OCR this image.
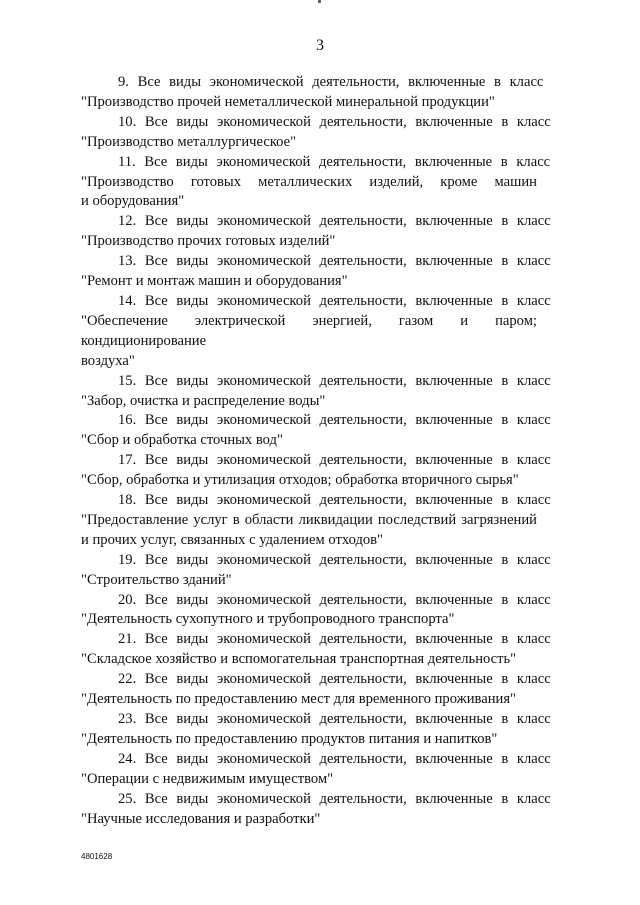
3
9. Все виды экономической деятельности, включенные в класс
"Производство прочей неметаллической минеральной продукции"
10. Все виды экономической деятельности, включенные в класс
"Производство металлургическое"
11. Все виды экономической деятельности, включенные в класс
"Производство готовых металлических изделий, кроме машин
и оборудования"
12. Все виды экономической деятельности, включенные в класс
"Производство прочих готовых изделий"
13. Все виды экономической деятельности, включенные в класс
"Ремонт и монтаж машин и оборудования"
14. Все виды экономической деятельности, включенные в класс
"Обеспечение электрической энергией, газом и паром; кондиционирование
воздуха"
15. Все виды экономической деятельности, включенные в класс
"Забор, очистка и распределение воды"
16. Все виды экономической деятельности, включенные в класс
"Сбор и обработка сточных вод"
17. Все виды экономической деятельности, включенные в класс
"Сбор, обработка и утилизация отходов; обработка вторичного сырья"
18. Все виды экономической деятельности, включенные в класс
"Предоставление услуг в области ликвидации последствий загрязнений
и прочих услуг, связанных с удалением отходов"
19. Все виды экономической деятельности, включенные в класс
"Строительство зданий"
20. Все виды экономической деятельности, включенные в класс
"Деятельность сухопутного и трубопроводного транспорта"
21. Все виды экономической деятельности, включенные в класс
"Складское хозяйство и вспомогательная транспортная деятельность"
22. Все виды экономической деятельности, включенные в класс
"Деятельность по предоставлению мест для временного проживания"
23. Все виды экономической деятельности, включенные в класс
"Деятельность по предоставлению продуктов питания и напитков"
24. Все виды экономической деятельности, включенные в класс
"Операции с недвижимым имуществом"
25. Все виды экономической деятельности, включенные в класс
"Научные исследования и разработки"
4801628
